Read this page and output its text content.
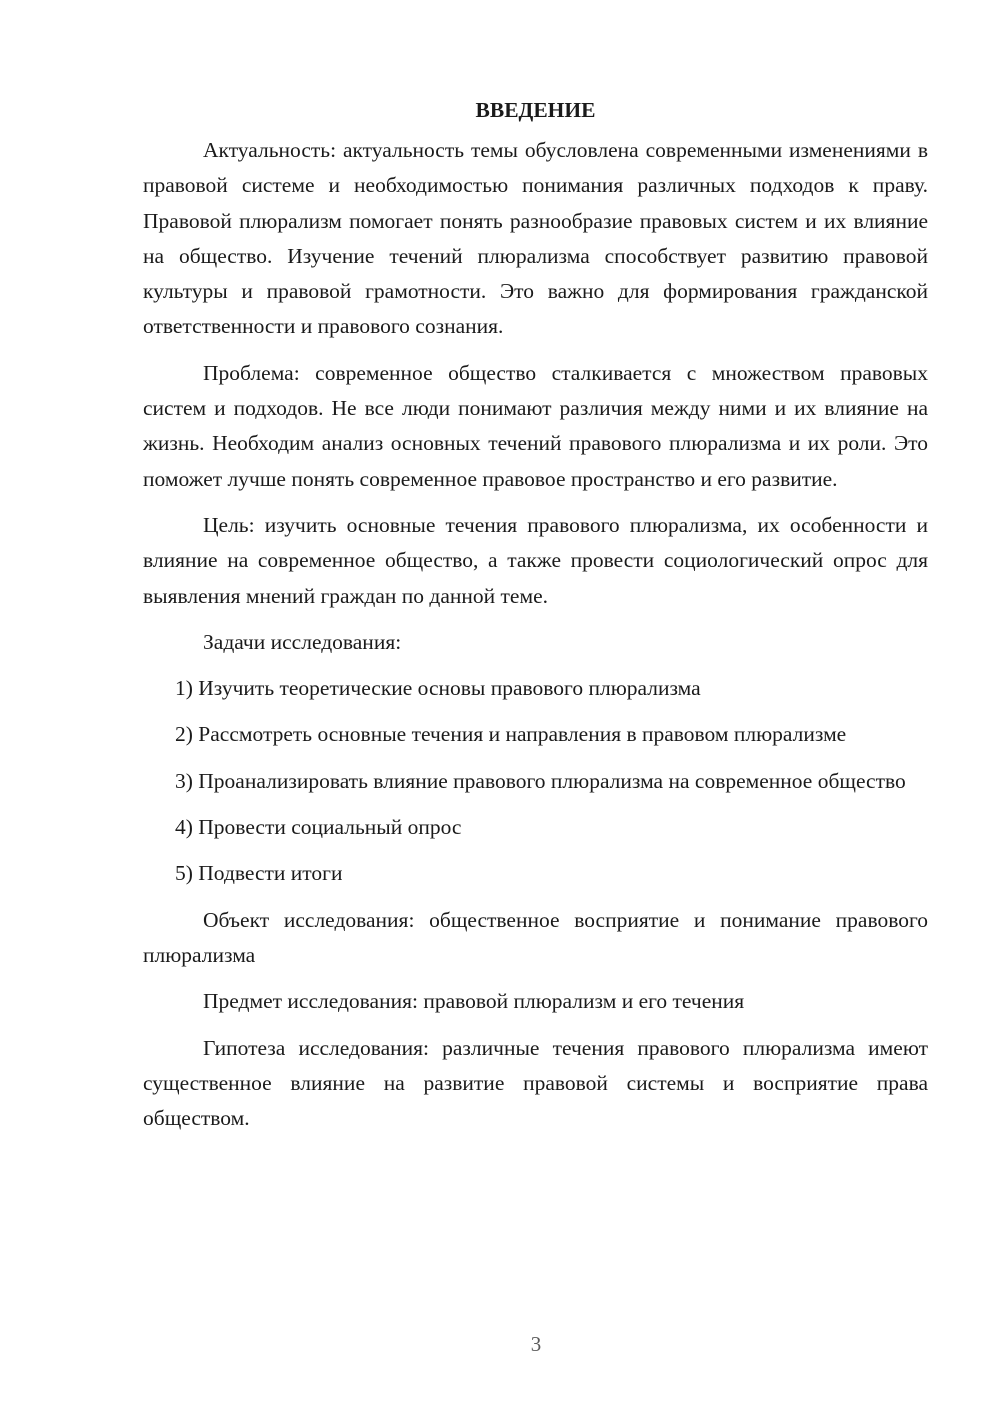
ВВЕДЕНИЕ

Актуальность: актуальность темы обусловлена современными изменениями в правовой системе и необходимостью понимания различных подходов к праву. Правовой плюрализм помогает понять разнообразие правовых систем и их влияние на общество. Изучение течений плюрализма способствует развитию правовой культуры и правовой грамотности. Это важно для формирования гражданской ответственности и правового сознания.

Проблема: современное общество сталкивается с множеством правовых систем и подходов. Не все люди понимают различия между ними и их влияние на жизнь. Необходим анализ основных течений правового плюрализма и их роли. Это поможет лучше понять современное правовое пространство и его развитие.

Цель: изучить основные течения правового плюрализма, их особенности и влияние на современное общество, а также провести социологический опрос для выявления мнений граждан по данной теме.

Задачи исследования:

1) Изучить теоретические основы правового плюрализма

2) Рассмотреть основные течения и направления в правовом плюрализме

3) Проанализировать влияние правового плюрализма на современное общество

4) Провести социальный опрос

5) Подвести итоги

Объект исследования: общественное восприятие и понимание правового плюрализма

Предмет исследования: правовой плюрализм и его течения

Гипотеза исследования: различные течения правового плюрализма имеют существенное влияние на развитие правовой системы и восприятие права обществом.

3
